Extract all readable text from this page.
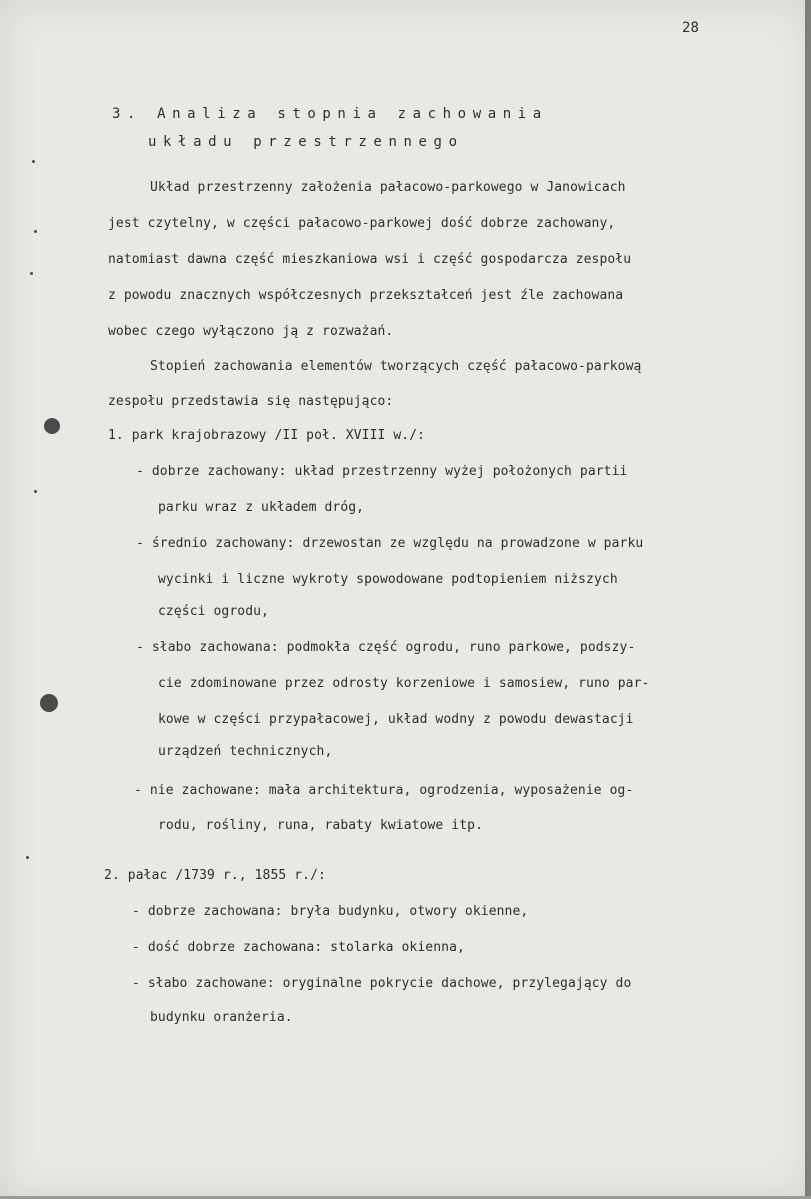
28
3. Analiza stopnia zachowania
układu przestrzennego
Układ przestrzenny założenia pałacowo-parkowego w Janowicach
jest czytelny, w części pałacowo-parkowej dość dobrze zachowany,
natomiast dawna część mieszkaniowa wsi i część gospodarcza zespołu
z powodu znacznych współczesnych przekształceń jest źle zachowana
wobec czego wyłączono ją z rozważań.
Stopień zachowania elementów tworzących część pałacowo-parkową
zespołu przedstawia się następująco:
1. park krajobrazowy /II poł. XVIII w./:
- dobrze zachowany: układ przestrzenny wyżej położonych partii
parku wraz z układem dróg,
- średnio zachowany: drzewostan ze względu na prowadzone w parku
wycinki i liczne wykroty spowodowane podtopieniem niższych
części ogrodu,
- słabo zachowana: podmokła część ogrodu, runo parkowe, podszy-
cie zdominowane przez odrosty korzeniowe i samosiew, runo par-
kowe w części przypałacowej, układ wodny z powodu dewastacji
urządzeń technicznych,
- nie zachowane: mała architektura, ogrodzenia, wyposażenie og-
rodu, rośliny, runa, rabaty kwiatowe itp.
2. pałac /1739 r., 1855 r./:
- dobrze zachowana: bryła budynku, otwory okienne,
- dość dobrze zachowana: stolarka okienna,
- słabo zachowane: oryginalne pokrycie dachowe, przylegający do
budynku oranżeria.
